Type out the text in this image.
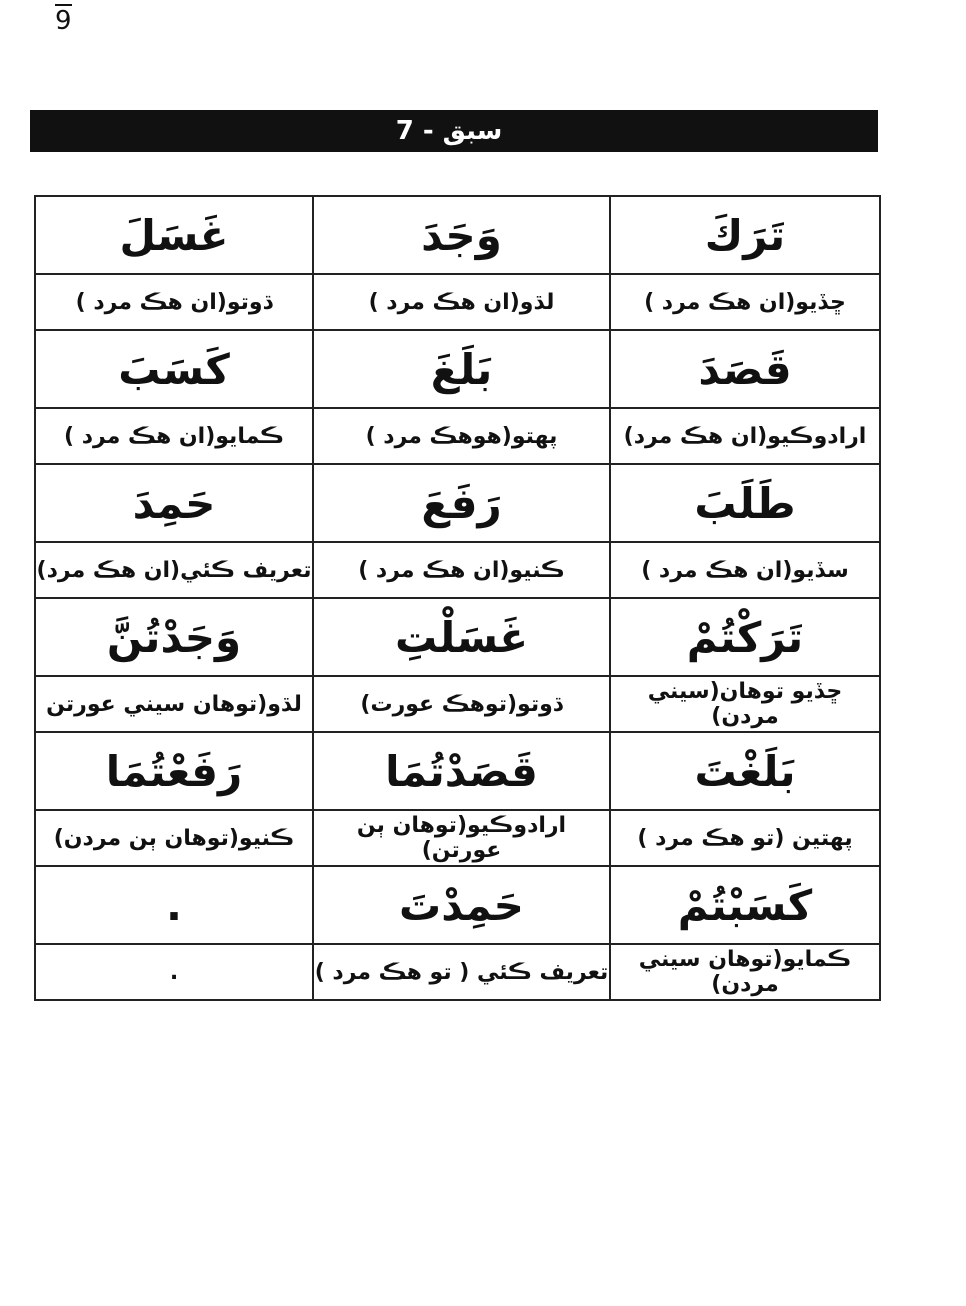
9
سبق - 7
تَرَكَ	وَجَدَ	غَسَلَ
ڇڏيو(ان هڪ مرد )	لڌو(ان هڪ مرد )	ڌوتو(ان هڪ مرد )
قَصَدَ	بَلَغَ	كَسَبَ
ارادوڪيو(ان هڪ مرد)	پهتو(هوهڪ مرد )	ڪمايو(ان هڪ مرد )
طَلَبَ	رَفَعَ	حَمِدَ
سڏيو(ان هڪ مرد )	ڪنيو(ان هڪ مرد )	تعريف ڪئي(ان هڪ مرد)
تَرَكْتُمْ	غَسَلْتِ	وَجَدْتُنَّ
ڇڏيو توهان(سيني مردن)	ڌوتو(توهڪ عورت)	لڌو(توهان سيني عورتن
بَلَغْتَ	قَصَدْتُمَا	رَفَعْتُمَا
پهتين (تو هڪ مرد )	ارادوڪيو(توهان ٻن عورتن)	ڪنيو(توهان ٻن مردن)
كَسَبْتُمْ	حَمِدْتَ	.
ڪمايو(توهان سيني مردن)	تعريف ڪئي ( تو هڪ مرد )	.
